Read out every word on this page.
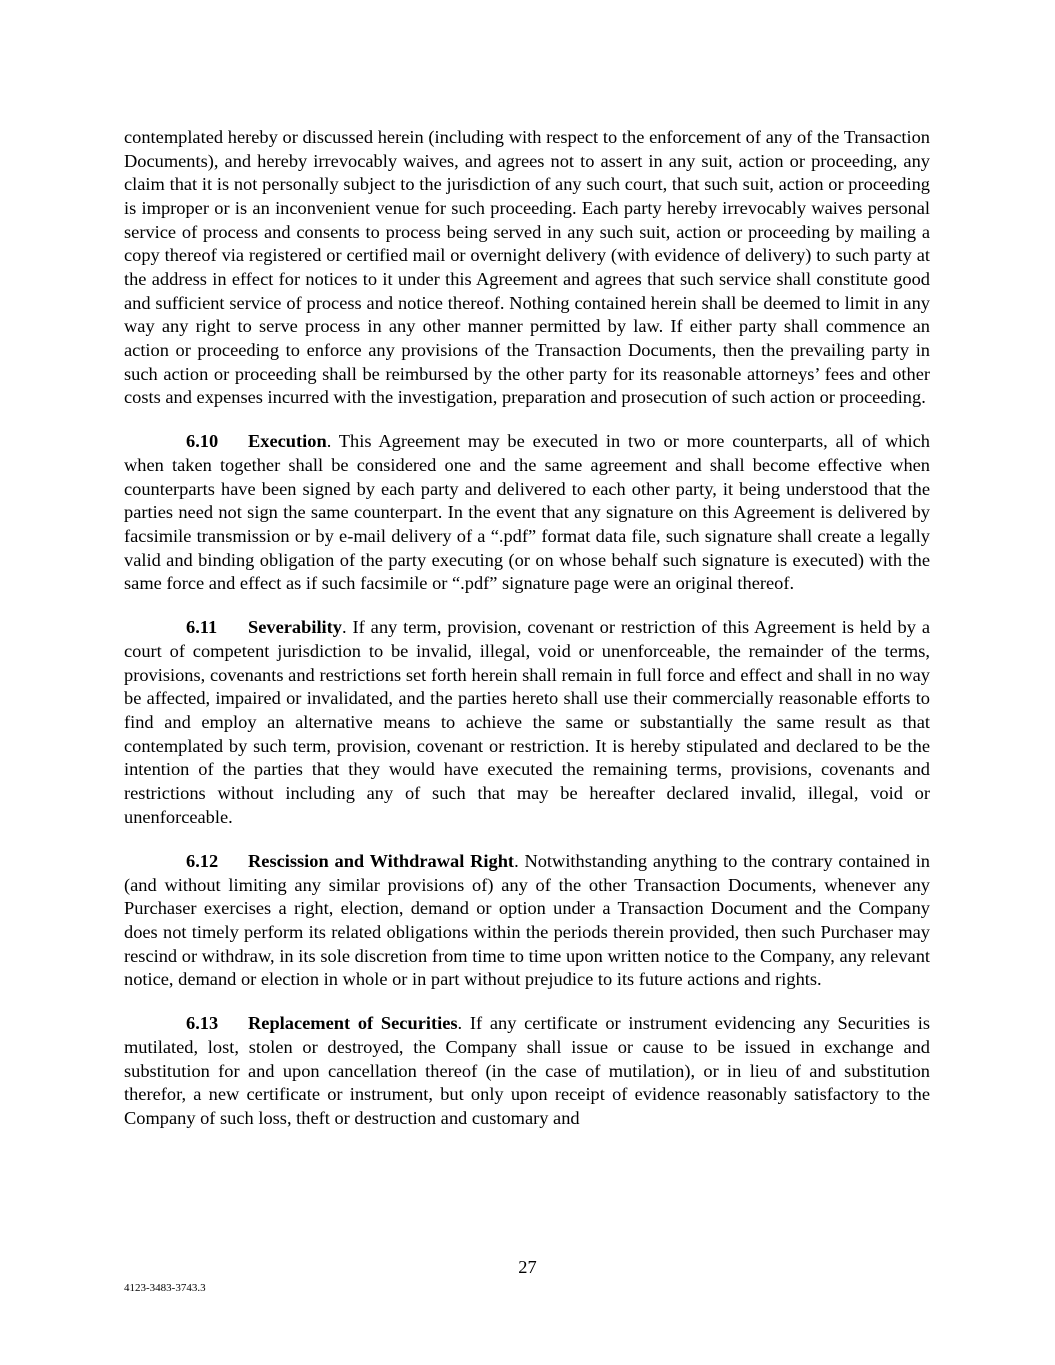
contemplated hereby or discussed herein (including with respect to the enforcement of any of the Transaction Documents), and hereby irrevocably waives, and agrees not to assert in any suit, action or proceeding, any claim that it is not personally subject to the jurisdiction of any such court, that such suit, action or proceeding is improper or is an inconvenient venue for such proceeding. Each party hereby irrevocably waives personal service of process and consents to process being served in any such suit, action or proceeding by mailing a copy thereof via registered or certified mail or overnight delivery (with evidence of delivery) to such party at the address in effect for notices to it under this Agreement and agrees that such service shall constitute good and sufficient service of process and notice thereof. Nothing contained herein shall be deemed to limit in any way any right to serve process in any other manner permitted by law. If either party shall commence an action or proceeding to enforce any provisions of the Transaction Documents, then the prevailing party in such action or proceeding shall be reimbursed by the other party for its reasonable attorneys’ fees and other costs and expenses incurred with the investigation, preparation and prosecution of such action or proceeding.

6.10 Execution. This Agreement may be executed in two or more counterparts, all of which when taken together shall be considered one and the same agreement and shall become effective when counterparts have been signed by each party and delivered to each other party, it being understood that the parties need not sign the same counterpart. In the event that any signature on this Agreement is delivered by facsimile transmission or by e-mail delivery of a “.pdf” format data file, such signature shall create a legally valid and binding obligation of the party executing (or on whose behalf such signature is executed) with the same force and effect as if such facsimile or “.pdf” signature page were an original thereof.

6.11 Severability. If any term, provision, covenant or restriction of this Agreement is held by a court of competent jurisdiction to be invalid, illegal, void or unenforceable, the remainder of the terms, provisions, covenants and restrictions set forth herein shall remain in full force and effect and shall in no way be affected, impaired or invalidated, and the parties hereto shall use their commercially reasonable efforts to find and employ an alternative means to achieve the same or substantially the same result as that contemplated by such term, provision, covenant or restriction. It is hereby stipulated and declared to be the intention of the parties that they would have executed the remaining terms, provisions, covenants and restrictions without including any of such that may be hereafter declared invalid, illegal, void or unenforceable.

6.12 Rescission and Withdrawal Right. Notwithstanding anything to the contrary contained in (and without limiting any similar provisions of) any of the other Transaction Documents, whenever any Purchaser exercises a right, election, demand or option under a Transaction Document and the Company does not timely perform its related obligations within the periods therein provided, then such Purchaser may rescind or withdraw, in its sole discretion from time to time upon written notice to the Company, any relevant notice, demand or election in whole or in part without prejudice to its future actions and rights.

6.13 Replacement of Securities. If any certificate or instrument evidencing any Securities is mutilated, lost, stolen or destroyed, the Company shall issue or cause to be issued in exchange and substitution for and upon cancellation thereof (in the case of mutilation), or in lieu of and substitution therefor, a new certificate or instrument, but only upon receipt of evidence reasonably satisfactory to the Company of such loss, theft or destruction and customary and

27
4123-3483-3743.3
